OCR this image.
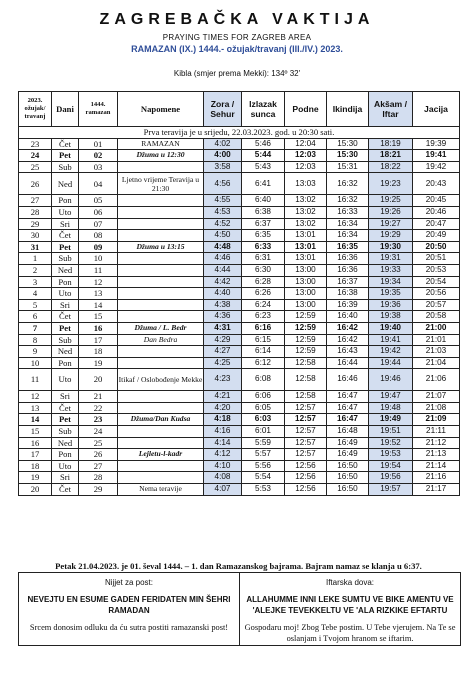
ZAGREBAČKA VAKTIJA
PRAYING TIMES FOR ZAGREB AREA
RAMAZAN (IX.) 1444.- ožujak/travanj (III./IV.) 2023.
Kibla (smjer prema Mekki): 134º 32'
2023. ožujak/ travanj	Dani	1444. ramazan	Napomene	Zora / Sehur	Izlazak sunca	Podne	Ikindija	Akšam / Iftar	Jacija
Prva teravija je u srijedu, 22.03.2023. god. u 20:30 sati.									
23	Čet	01	RAMAZAN	4:02	5:46	12:04	15:30	18:19	19:39
24	Pet	02	Džuma u 12:30	4:00	5:44	12:03	15:30	18:21	19:41
25	Sub	03		3:58	5:43	12:03	15:31	18:22	19:42
26	Ned	04	Ljetno vrijeme Teravija u 21:30	4:56	6:41	13:03	16:32	19:23	20:43
27	Pon	05		4:55	6:40	13:02	16:32	19:25	20:45
28	Uto	06		4:53	6:38	13:02	16:33	19:26	20:46
29	Sri	07		4:52	6:37	13:02	16:34	19:27	20:47
30	Čet	08		4:50	6:35	13:01	16:34	19:29	20:49
31	Pet	09	Džuma u 13:15	4:48	6:33	13:01	16:35	19:30	20:50
1	Sub	10		4:46	6:31	13:01	16:36	19:31	20:51
2	Ned	11		4:44	6:30	13:00	16:36	19:33	20:53
3	Pon	12		4:42	6:28	13:00	16:37	19:34	20:54
4	Uto	13		4:40	6:26	13:00	16:38	19:35	20:56
5	Sri	14		4:38	6:24	13:00	16:39	19:36	20:57
6	Čet	15		4:36	6:23	12:59	16:40	19:38	20:58
7	Pet	16	Džuma / L. Bedr	4:31	6:16	12:59	16:42	19:40	21:00
8	Sub	17	Dan Bedra	4:29	6:15	12:59	16:42	19:41	21:01
9	Ned	18		4:27	6:14	12:59	16:43	19:42	21:03
10	Pon	19		4:25	6:12	12:58	16:44	19:44	21:04
11	Uto	20	Itikaf / Oslobođenje Mekke	4:23	6:08	12:58	16:46	19:46	21:06
12	Sri	21		4:21	6:06	12:58	16:47	19:47	21:07
13	Čet	22		4:20	6:05	12:57	16:47	19:48	21:08
14	Pet	23	Džuma/Dan Kudsa	4:18	6:03	12:57	16:47	19:49	21:09
15	Sub	24		4:16	6:01	12:57	16:48	19:51	21:11
16	Ned	25		4:14	5:59	12:57	16:49	19:52	21:12
17	Pon	26	Lejletu-l-kadr	4:12	5:57	12:57	16:49	19:53	21:13
18	Uto	27		4:10	5:56	12:56	16:50	19:54	21:14
19	Sri	28		4:08	5:54	12:56	16:50	19:56	21:16
20	Čet	29	Nema teravije	4:07	5:53	12:56	16:50	19:57	21:17
Petak 21.04.2023. je 01. ševal 1444. – 1. dan Ramazanskog bajrama. Bajram namaz se klanja u 6:37.
Nijjet za post:
NEVEJTU EN ESUME GADEN FERIDATEN MIN ŠEHRI RAMADAN
Srcem donosim odluku da ću sutra postiti ramazanski post!
Iftarska dova:
ALLAHUMME INNI LEKE SUMTU VE BIKE AMENTU VE 'ALEJKE TEVEKKELTU VE 'ALA RIZKIKE EFTARTU
Gospodaru moj! Zbog Tebe postim. U Tebe vjerujem. Na Te se oslanjam i Tvojom hranom se iftarim.
